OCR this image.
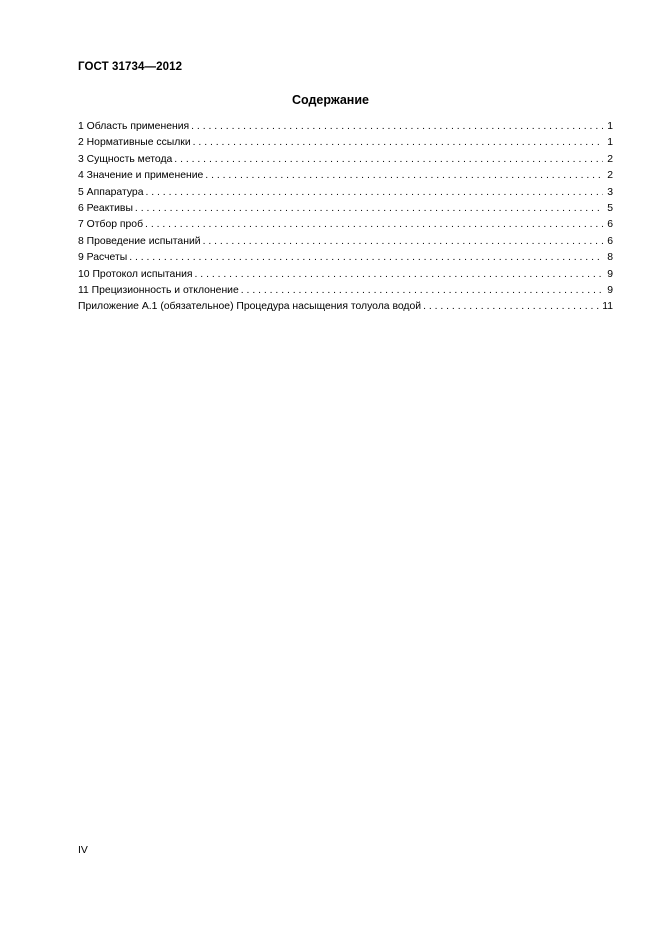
ГОСТ 31734—2012
Содержание
1 Область применения . . .	1
2 Нормативные ссылки . . .	1
3 Сущность метода . . .	2
4 Значение и применение . . .	2
5 Аппаратура . . .	3
6 Реактивы . . .	5
7 Отбор проб . . .	6
8 Проведение испытаний . . .	6
9 Расчеты . . .	8
10 Протокол испытания . . .	9
11 Прецизионность и отклонение . . .	9
Приложение А.1 (обязательное) Процедура насыщения толуола водой . . .	11
IV
